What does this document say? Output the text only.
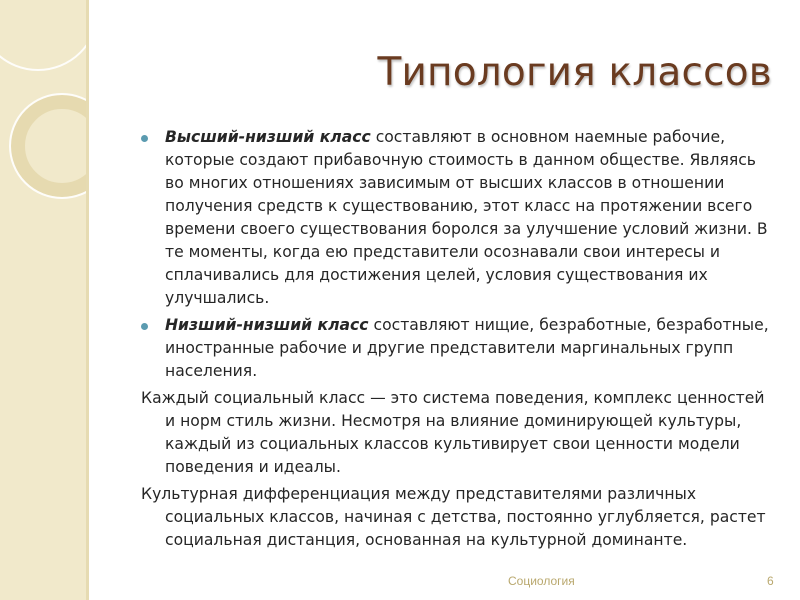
Типология классов
Высший-низший класс составляют в основном наемные рабочие, которые создают прибавочную стоимость в данном обществе. Являясь во многих отношениях зависимым от высших классов в отношении получения средств к существованию, этот класс на протяжении всего времени своего существования боролся за улучшение условий жизни. В те моменты, когда ею представители осознавали свои интересы и сплачивались для достижения целей, условия существования их улучшались.
Низший-низший класс составляют нищие, безработные, безработные, иностранные рабочие и другие представители маргинальных групп населения.
Каждый социальный класс — это система поведения, комплекс ценностей и норм стиль жизни. Несмотря на влияние доминирующей культуры, каждый из социальных классов культивирует свои ценности модели поведения и идеалы.
Культурная дифференциация между представителями различных социальных классов, начиная с детства, постоянно углубляется, растет социальная дистанция, основанная на культурной доминанте.
Социология	6
